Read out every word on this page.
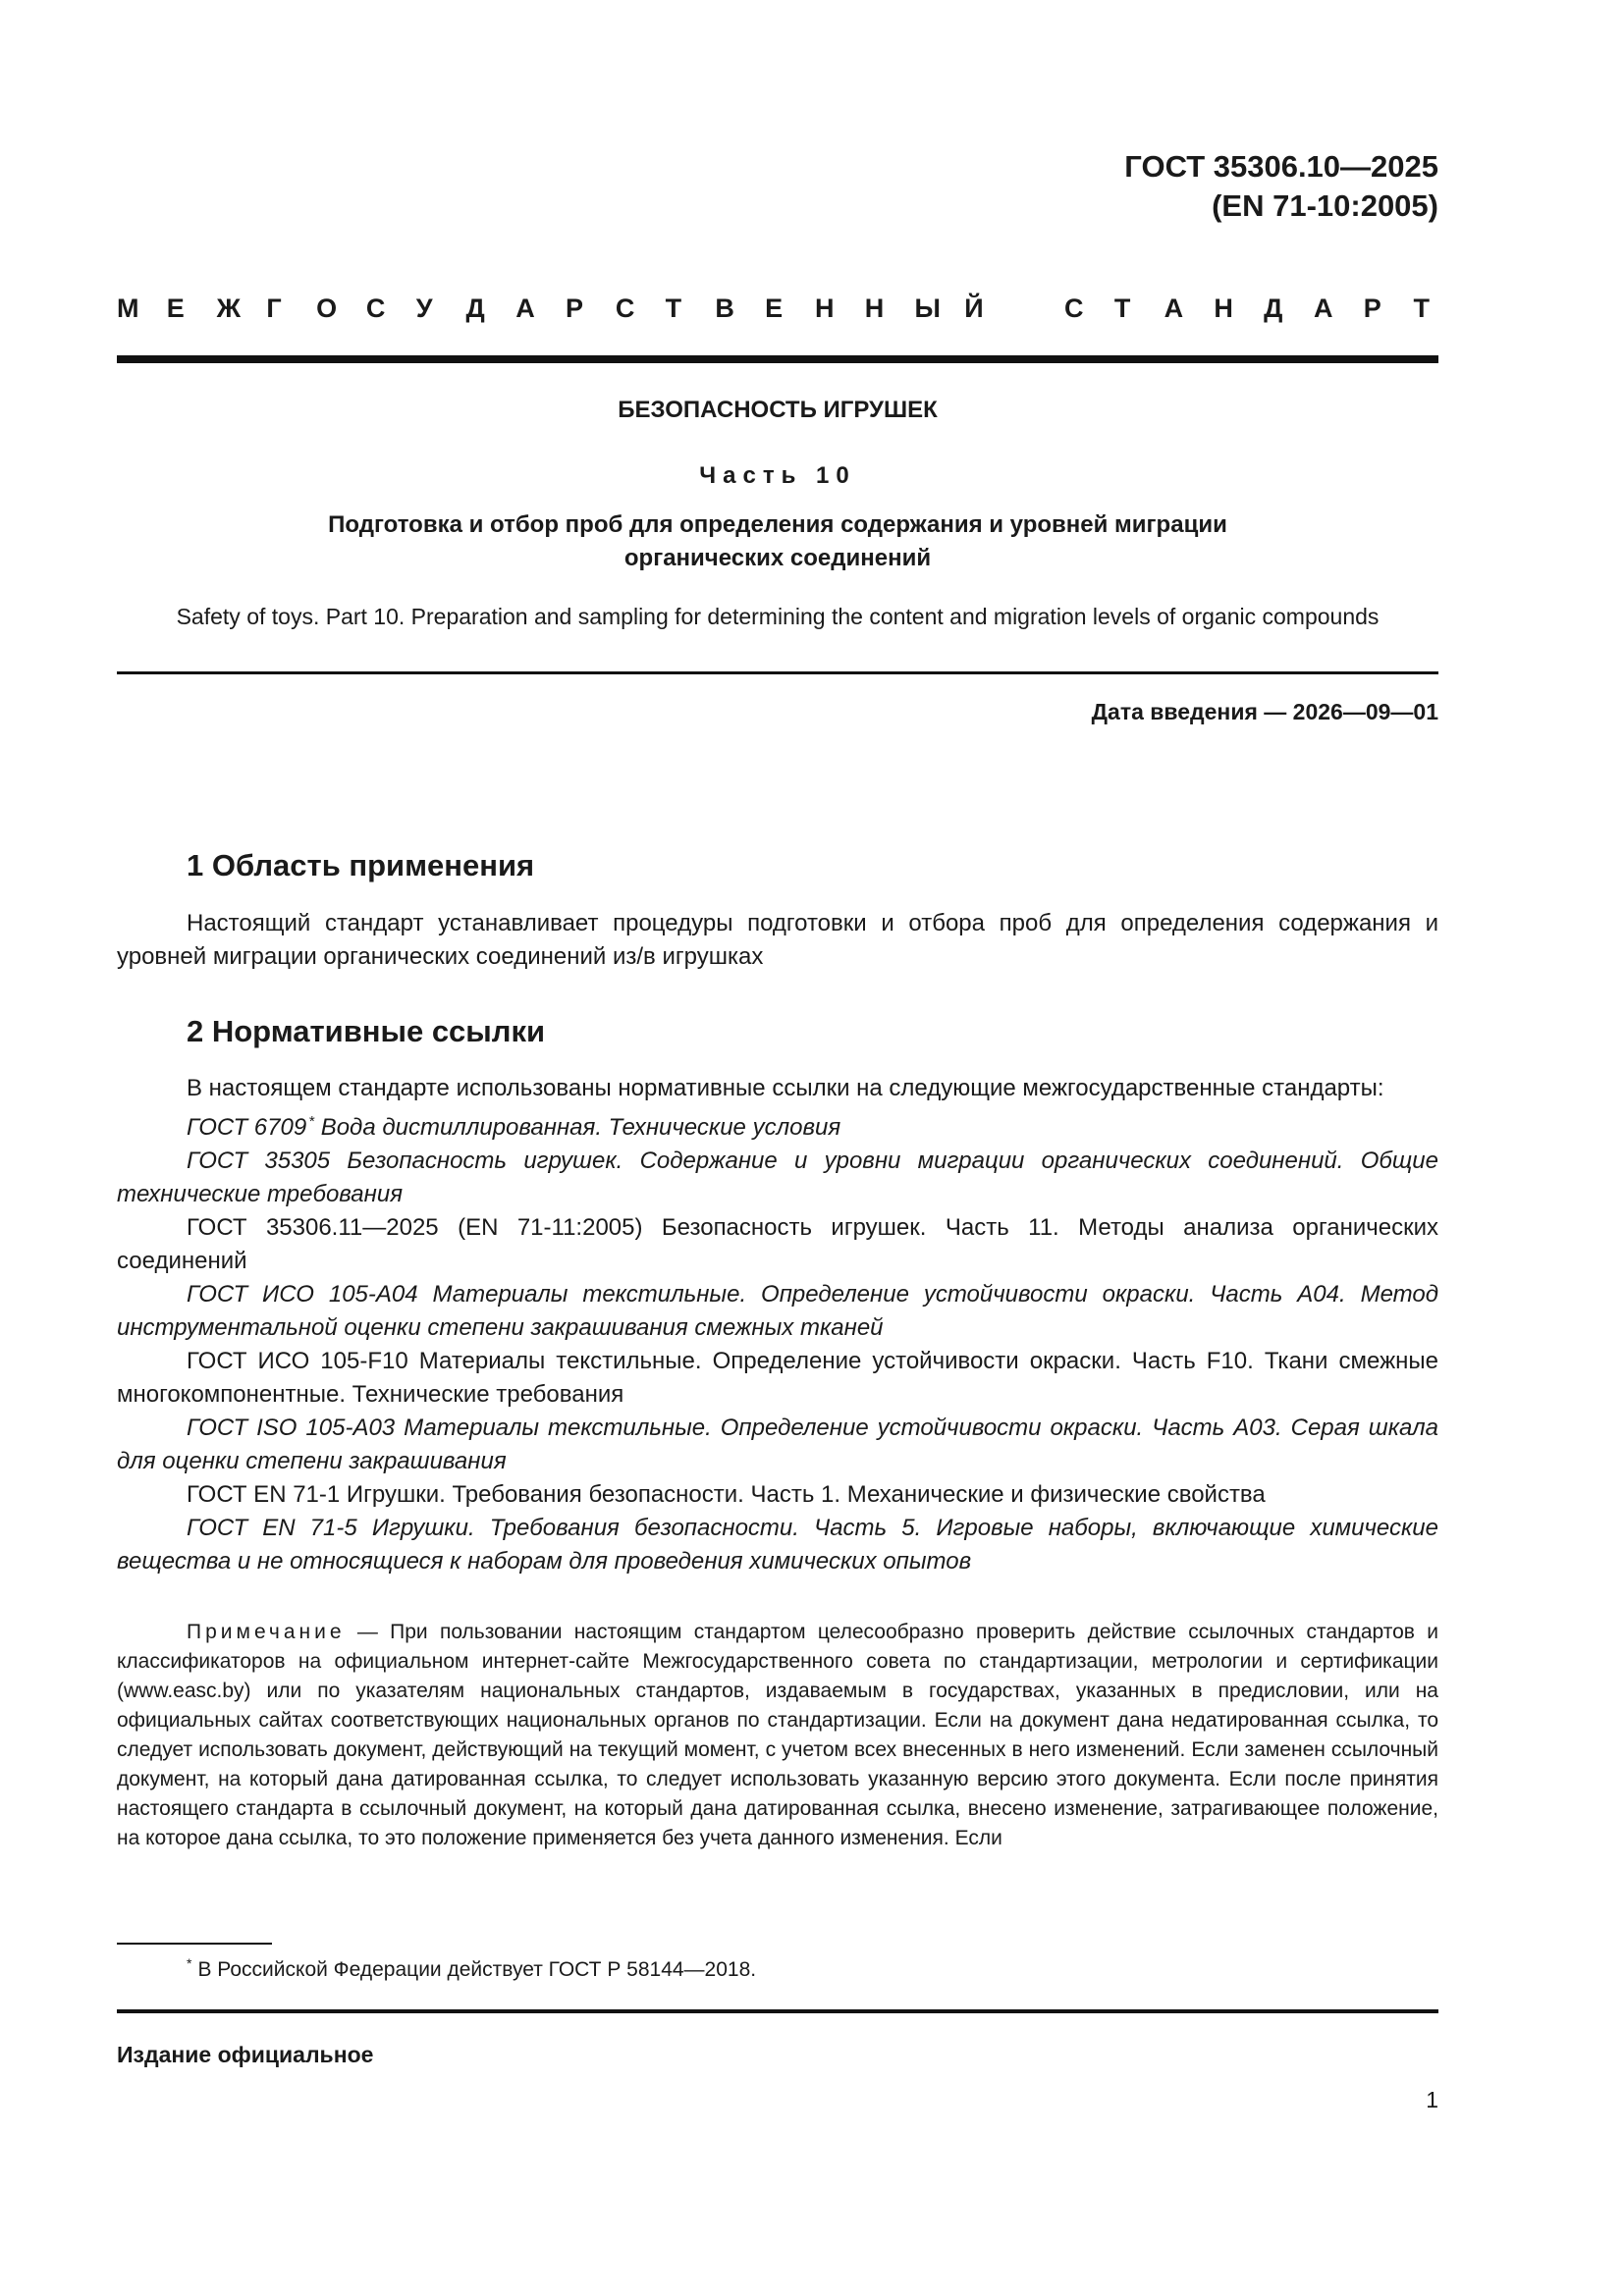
ГОСТ 35306.10—2025
(EN 71-10:2005)
М Е Ж Г О С У Д А Р С Т В Е Н Н Ы Й	С Т А Н Д А Р Т
БЕЗОПАСНОСТЬ ИГРУШЕК
Часть 10
Подготовка и отбор проб для определения содержания и уровней миграции
органических соединений
Safety of toys. Part 10. Preparation and sampling for determining the content and migration levels of organic compounds
Дата введения — 2026—09—01
1 Область применения

Настоящий стандарт устанавливает процедуры подготовки и отбора проб для определения содержания и уровней миграции органических соединений из/в игрушках

2 Нормативные ссылки

В настоящем стандарте использованы нормативные ссылки на следующие межгосударственные стандарты:

ГОСТ 6709 * Вода дистиллированная. Технические условия

ГОСТ 35305 Безопасность игрушек. Содержание и уровни миграции органических соединений. Общие технические требования

ГОСТ 35306.11—2025 (EN 71-11:2005) Безопасность игрушек. Часть 11. Методы анализа органических соединений

ГОСТ ИСО 105-A04 Материалы текстильные. Определение устойчивости окраски. Часть A04. Метод инструментальной оценки степени закрашивания смежных тканей

ГОСТ ИСО 105-F10 Материалы текстильные. Определение устойчивости окраски. Часть F10. Ткани смежные многокомпонентные. Технические требования

ГОСТ ISO 105-A03 Материалы текстильные. Определение устойчивости окраски. Часть A03. Серая шкала для оценки степени закрашивания

ГОСТ EN 71-1 Игрушки. Требования безопасности. Часть 1. Механические и физические свойства

ГОСТ EN 71-5 Игрушки. Требования безопасности. Часть 5. Игровые наборы, включающие химические вещества и не относящиеся к наборам для проведения химических опытов

Примечание — При пользовании настоящим стандартом целесообразно проверить действие ссылочных стандартов и классификаторов на официальном интернет-сайте Межгосударственного совета по стандартизации, метрологии и сертификации (www.easc.by) или по указателям национальных стандартов, издаваемым в государствах, указанных в предисловии, или на официальных сайтах соответствующих национальных органов по стандартизации. Если на документ дана недатированная ссылка, то следует использовать документ, действующий на текущий момент, с учетом всех внесенных в него изменений. Если заменен ссылочный документ, на который дана датированная ссылка, то следует использовать указанную версию этого документа. Если после принятия настоящего стандарта в ссылочный документ, на который дана датированная ссылка, внесено изменение, затрагивающее положение, на которое дана ссылка, то это положение применяется без учета данного изменения. Если
* В Российской Федерации действует ГОСТ Р 58144—2018.
Издание официальное
1
